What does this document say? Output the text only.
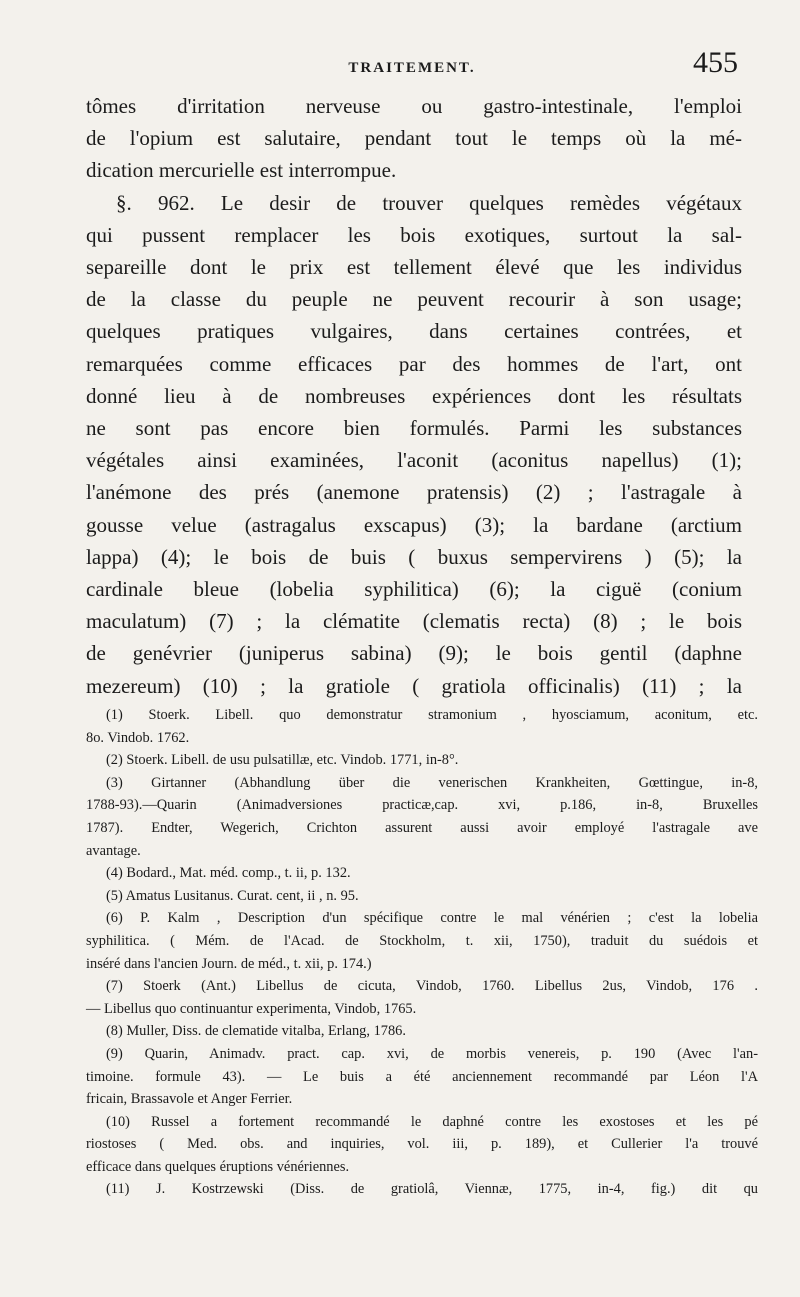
TRAITEMENT.	455
tômes d'irritation nerveuse ou gastro-intestinale, l'emploi
de l'opium est salutaire, pendant tout le temps où la mé-
dication mercurielle est interrompue.
§. 962. Le desir de trouver quelques remèdes végétaux
qui pussent remplacer les bois exotiques, surtout la sal-
separeille dont le prix est tellement élevé que les individus
de la classe du peuple ne peuvent recourir à son usage;
quelques pratiques vulgaires, dans certaines contrées, et
remarquées comme efficaces par des hommes de l'art, ont
donné lieu à de nombreuses expériences dont les résultats
ne sont pas encore bien formulés. Parmi les substances
végétales ainsi examinées, l'aconit (aconitus napellus) (1);
l'anémone des prés (anemone pratensis) (2) ; l'astragale à
gousse velue (astragalus exscapus) (3); la bardane (arctium
lappa) (4); le bois de buis ( buxus sempervirens ) (5); la
cardinale bleue (lobelia syphilitica) (6); la ciguë (conium
maculatum) (7) ; la clématite (clematis recta) (8) ; le bois
de genévrier (juniperus sabina) (9); le bois gentil (daphne
mezereum) (10) ; la gratiole ( gratiola officinalis) (11) ; la
(1) Stoerk. Libell. quo demonstratur stramonium , hyosciamum, aconitum, etc.
8o. Vindob. 1762.
(2) Stoerk. Libell. de usu pulsatillæ, etc. Vindob. 1771, in-8°.
(3) Girtanner (Abhandlung über die venerischen Krankheiten, Gœttingue, in-8,
1788-93).—Quarin (Animadversiones practicæ,cap. xvi, p.186, in-8, Bruxelles
1787). Endter, Wegerich, Crichton assurent aussi avoir employé l'astragale ave
avantage.
(4) Bodard., Mat. méd. comp., t. ii, p. 132.
(5) Amatus Lusitanus. Curat. cent, ii , n. 95.
(6) P. Kalm , Description d'un spécifique contre le mal vénérien ; c'est la lobelia
syphilitica. ( Mém. de l'Acad. de Stockholm, t. xii, 1750), traduit du suédois et
inséré dans l'ancien Journ. de méd., t. xii, p. 174.)
(7) Stoerk (Ant.) Libellus de cicuta, Vindob, 1760. Libellus 2us, Vindob, 176 .
— Libellus quo continuantur experimenta, Vindob, 1765.
(8) Muller, Diss. de clematide vitalba, Erlang, 1786.
(9) Quarin, Animadv. pract. cap. xvi, de morbis venereis, p. 190 (Avec l'an-
timoine. formule 43). — Le buis a été anciennement recommandé par Léon l'A
fricain, Brassavole et Anger Ferrier.
(10) Russel a fortement recommandé le daphné contre les exostoses et les pé
riostoses ( Med. obs. and inquiries, vol. iii, p. 189), et Cullerier l'a trouvé
efficace dans quelques éruptions vénériennes.
(11) J. Kostrzewski (Diss. de gratiolâ, Viennæ, 1775, in-4, fig.) dit qu
